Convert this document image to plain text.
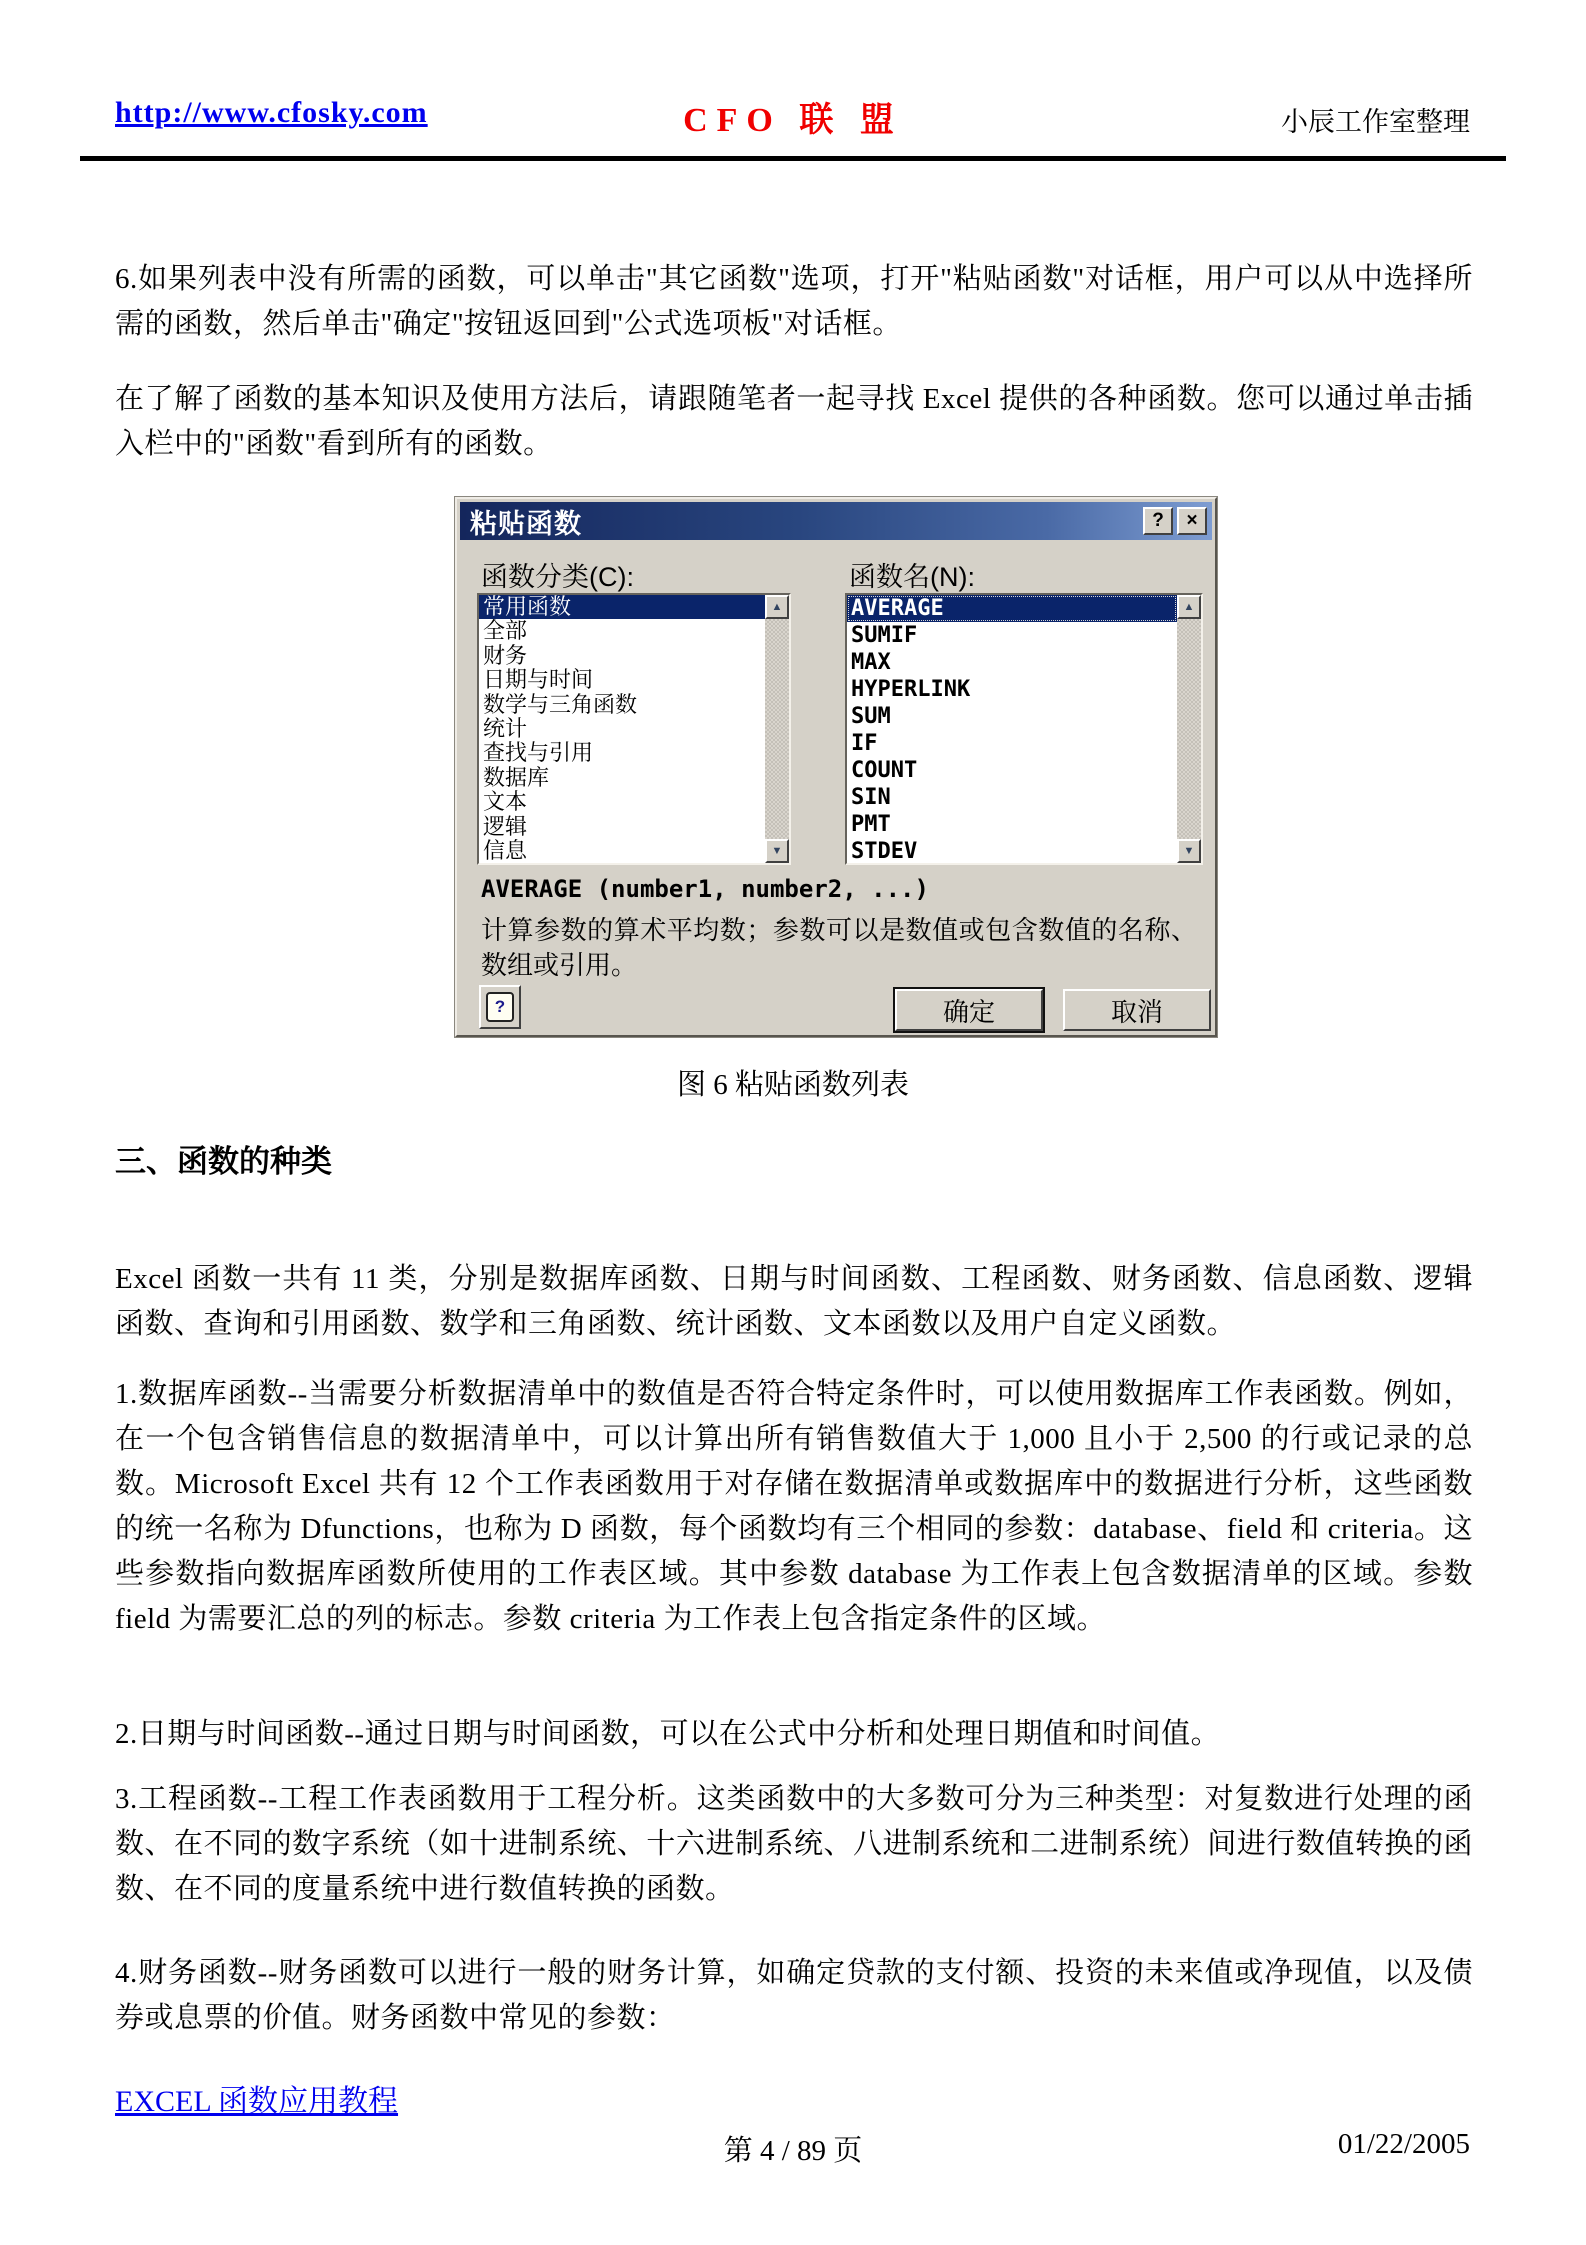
http://www.cfosky.com	CFO 联 盟	小辰工作室整理

6.如果列表中没有所需的函数，可以单击"其它函数"选项，打开"粘贴函数"对话框，用户可以从中选择所需的函数，然后单击"确定"按钮返回到"公式选项板"对话框。

在了解了函数的基本知识及使用方法后，请跟随笔者一起寻找 Excel 提供的各种函数。您可以通过单击插入栏中的"函数"看到所有的函数。

粘贴函数	?	×
函数分类(C):	函数名(N):
常用函数
全部
财务
日期与时间
数学与三角函数
统计
查找与引用
数据库
文本
逻辑
信息
▲
▼
AVERAGE
SUMIF
MAX
HYPERLINK
SUM
IF
COUNT
SIN
PMT
STDEV
▲
▼
AVERAGE (number1, number2, ...)
计算参数的算术平均数；参数可以是数值或包含数值的名称、数组或引用。
?	确定	取消
图 6 粘贴函数列表
三、函数的种类

Excel 函数一共有 11 类，分别是数据库函数、日期与时间函数、工程函数、财务函数、信息函数、逻辑函数、查询和引用函数、数学和三角函数、统计函数、文本函数以及用户自定义函数。

1.数据库函数--当需要分析数据清单中的数值是否符合特定条件时，可以使用数据库工作表函数。例如，在一个包含销售信息的数据清单中，可以计算出所有销售数值大于 1,000 且小于 2,500 的行或记录的总数。Microsoft Excel 共有 12 个工作表函数用于对存储在数据清单或数据库中的数据进行分析，这些函数的统一名称为 Dfunctions，也称为 D 函数，每个函数均有三个相同的参数：database、field 和 criteria。这些参数指向数据库函数所使用的工作表区域。其中参数 database 为工作表上包含数据清单的区域。参数 field 为需要汇总的列的标志。参数 criteria 为工作表上包含指定条件的区域。

2.日期与时间函数--通过日期与时间函数，可以在公式中分析和处理日期值和时间值。

3.工程函数--工程工作表函数用于工程分析。这类函数中的大多数可分为三种类型：对复数进行处理的函数、在不同的数字系统（如十进制系统、十六进制系统、八进制系统和二进制系统）间进行数值转换的函数、在不同的度量系统中进行数值转换的函数。

4.财务函数--财务函数可以进行一般的财务计算，如确定贷款的支付额、投资的未来值或净现值，以及债券或息票的价值。财务函数中常见的参数：

EXCEL 函数应用教程
第 4 / 89 页	01/22/2005
